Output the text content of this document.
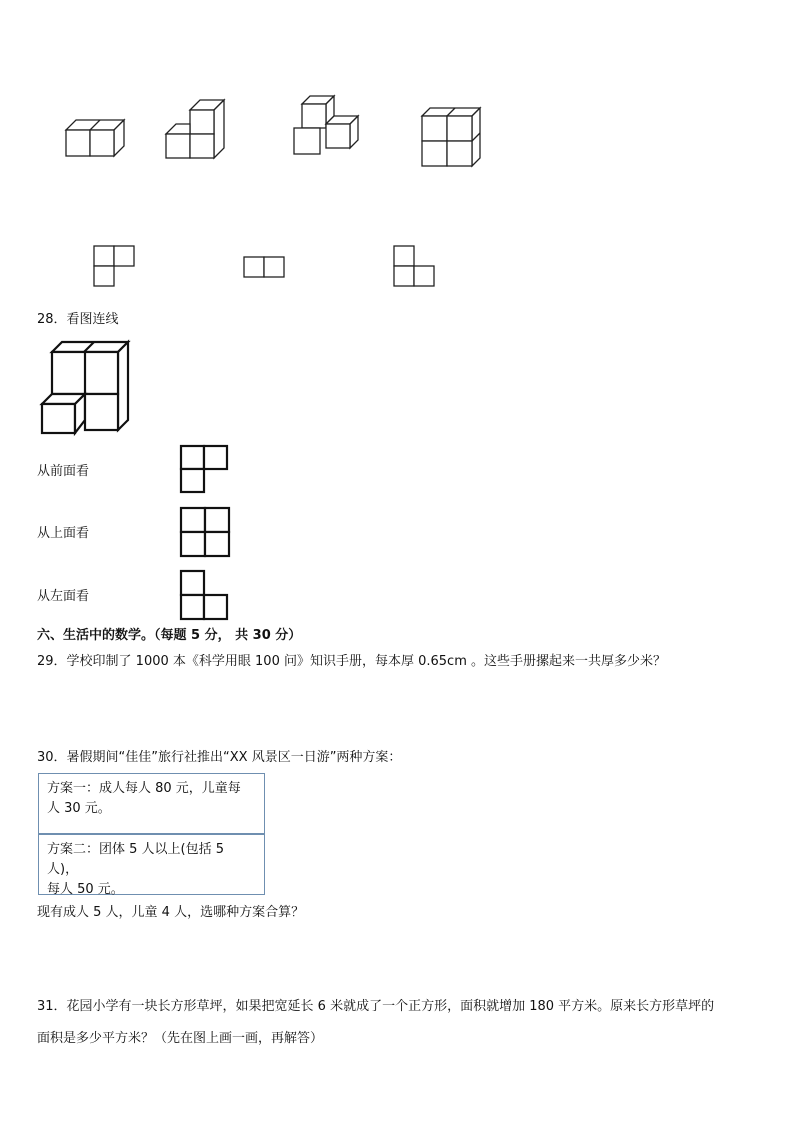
28．看图连线
从前面看
从上面看
从左面看
六、生活中的数学。（每题 5 分， 共 30 分）
29．学校印制了 1000 本《科学用眼 100 问》知识手册，每本厚 0.65cm 。这些手册摞起来一共厚多少米？
30．暑假期间“佳佳”旅行社推出“XX 风景区一日游”两种方案：
方案一：成人每人 80 元，儿童每
人 30 元。
方案二：团体 5 人以上(包括 5 人)，
每人 50 元。
现有成人 5 人，儿童 4 人，选哪种方案合算？
31．花园小学有一块长方形草坪，如果把宽延长 6 米就成了一个正方形，面积就增加 180 平方米。原来长方形草坪的
面积是多少平方米？（先在图上画一画，再解答）
